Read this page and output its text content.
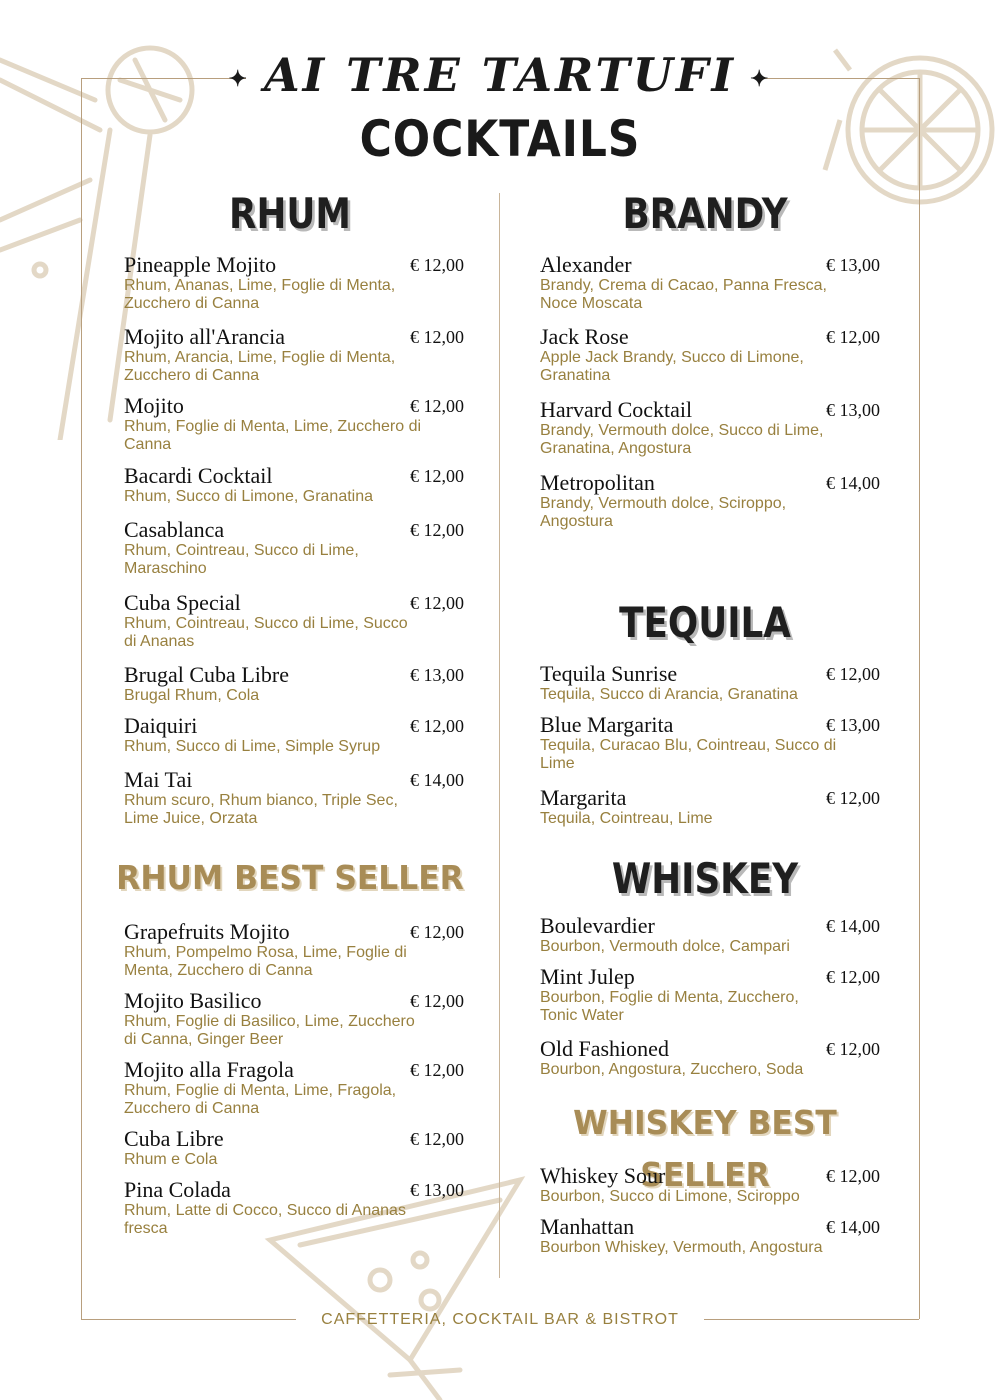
✦ AI TRE TARTUFI ✦
COCKTAILS
RHUM
RHUM BEST SELLER
BRANDY
TEQUILA
WHISKEY
WHISKEY BEST SELLER
Pineapple Mojito	€ 12,00
Rhum, Ananas, Lime, Foglie di Menta, Zucchero di Canna
Mojito all'Arancia	€ 12,00
Rhum, Arancia, Lime, Foglie di Menta, Zucchero di Canna
Mojito	€ 12,00
Rhum, Foglie di Menta, Lime, Zucchero di Canna
Bacardi Cocktail	€ 12,00
Rhum, Succo di Limone, Granatina
Casablanca	€ 12,00
Rhum, Cointreau, Succo di Lime, Maraschino
Cuba Special	€ 12,00
Rhum, Cointreau, Succo di Lime, Succo di Ananas
Brugal Cuba Libre	€ 13,00
Brugal Rhum, Cola
Daiquiri	€ 12,00
Rhum, Succo di Lime, Simple Syrup
Mai Tai	€ 14,00
Rhum scuro, Rhum bianco, Triple Sec, Lime Juice, Orzata
Grapefruits Mojito	€ 12,00
Rhum, Pompelmo Rosa, Lime, Foglie di Menta, Zucchero di Canna
Mojito Basilico	€ 12,00
Rhum, Foglie di Basilico, Lime, Zucchero di Canna, Ginger Beer
Mojito alla Fragola	€ 12,00
Rhum, Foglie di Menta, Lime, Fragola, Zucchero di Canna
Cuba Libre	€ 12,00
Rhum e Cola
Pina Colada	€ 13,00
Rhum, Latte di Cocco, Succo di Ananas fresca
Alexander	€ 13,00
Brandy, Crema di Cacao, Panna Fresca, Noce Moscata
Jack Rose	€ 12,00
Apple Jack Brandy, Succo di Limone, Granatina
Harvard Cocktail	€ 13,00
Brandy, Vermouth dolce, Succo di Lime, Granatina, Angostura
Metropolitan	€ 14,00
Brandy, Vermouth dolce, Sciroppo, Angostura
Tequila Sunrise	€ 12,00
Tequila, Succo di Arancia, Granatina
Blue Margarita	€ 13,00
Tequila, Curacao Blu, Cointreau, Succo di Lime
Margarita	€ 12,00
Tequila, Cointreau, Lime
Boulevardier	€ 14,00
Bourbon, Vermouth dolce, Campari
Mint Julep	€ 12,00
Bourbon, Foglie di Menta, Zucchero, Tonic Water
Old Fashioned	€ 12,00
Bourbon, Angostura, Zucchero, Soda
Whiskey Sour	€ 12,00
Bourbon, Succo di Limone, Sciroppo
Manhattan	€ 14,00
Bourbon Whiskey, Vermouth, Angostura
CAFFETTERIA, COCKTAIL BAR & BISTROT
